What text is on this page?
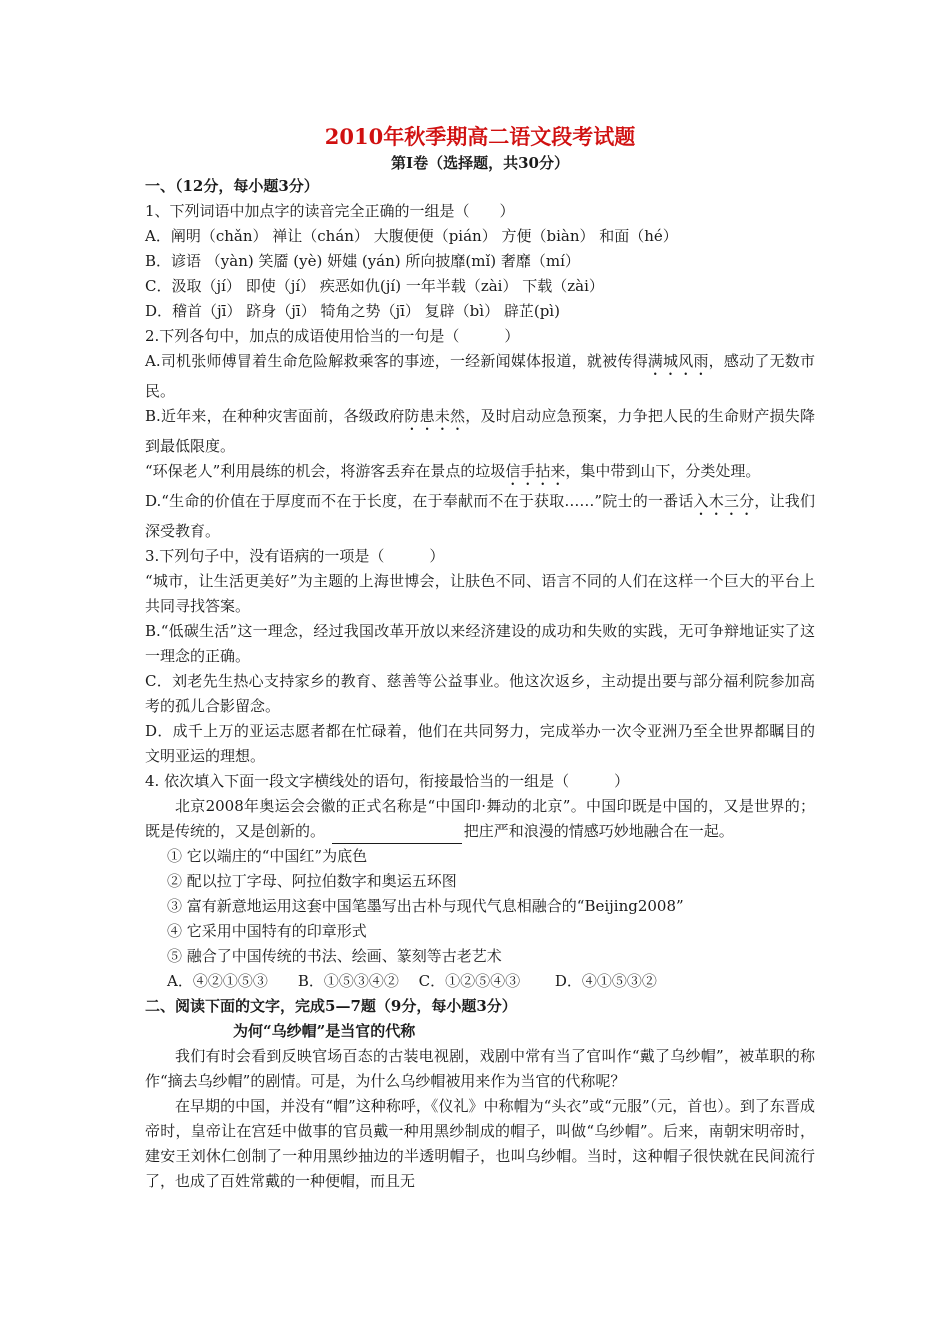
2010年秋季期高二语文段考试题
第Ⅰ卷（选择题，共30分）
一、（12分，每小题3分）
1、下列词语中加点字的读音完全正确的一组是（　　）
A．阐明（chǎn） 禅让（chán） 大腹便便（pián） 方便（biàn） 和面（hé）
B．谚语 （yàn) 笑靥 (yè) 妍媸 (yán) 所向披靡(mǐ) 奢靡（mí）
C．汲取（jí） 即使（jí） 疾恶如仇(jí) 一年半载（zài） 下载（zài）
D．稽首（jī） 跻身（jī） 犄角之势（jī） 复辟（bì） 辟芷(pì)
2.下列各句中，加点的成语使用恰当的一句是（　　　）
A.司机张师傅冒着生命危险解救乘客的事迹，一经新闻媒体报道，就被传得满城风雨，感动了无数市民。
B.近年来，在种种灾害面前，各级政府防患未然，及时启动应急预案，力争把人民的生命财产损失降到最低限度。
“环保老人”利用晨练的机会，将游客丢弃在景点的垃圾信手拈来，集中带到山下，分类处理。
D.“生命的价值在于厚度而不在于长度，在于奉献而不在于获取……”院士的一番话入木三分，让我们深受教育。
3.下列句子中，没有语病的一项是（　　　）
“城市，让生活更美好”为主题的上海世博会，让肤色不同、语言不同的人们在这样一个巨大的平台上共同寻找答案。
B.“低碳生活”这一理念，经过我国改革开放以来经济建设的成功和失败的实践，无可争辩地证实了这一理念的正确。
C．刘老先生热心支持家乡的教育、慈善等公益事业。他这次返乡，主动提出要与部分福利院参加高考的孤儿合影留念。
D．成千上万的亚运志愿者都在忙碌着，他们在共同努力，完成举办一次令亚洲乃至全世界都瞩目的文明亚运的理想。
4. 依次填入下面一段文字横线处的语句，衔接最恰当的一组是（　　　）
北京2008年奥运会会徽的正式名称是“中国印·舞动的北京”。中国印既是中国的，又是世界的；既是传统的，又是创新的。	把庄严和浪漫的情感巧妙地融合在一起。
① 它以端庄的“中国红”为底色
② 配以拉丁字母、阿拉伯数字和奥运五环图
③ 富有新意地运用这套中国笔墨写出古朴与现代气息相融合的“Beijing2008”
④ 它采用中国特有的印章形式
⑤ 融合了中国传统的书法、绘画、篆刻等古老艺术
A．④②①⑤③　　B．①⑤③④②　 C．①②⑤④③　　 D．④①⑤③②
二、阅读下面的文字，完成5—7题（9分，每小题3分）
为何“乌纱帽”是当官的代称
我们有时会看到反映官场百态的古装电视剧，戏剧中常有当了官叫作“戴了乌纱帽”，被革职的称作“摘去乌纱帽”的剧情。可是，为什么乌纱帽被用来作为当官的代称呢？
在早期的中国，并没有“帽”这种称呼，《仪礼》中称帽为“头衣”或“元服”（元，首也）。到了东晋成帝时，皇帝让在宫廷中做事的官员戴一种用黑纱制成的帽子，叫做“乌纱帽”。后来，南朝宋明帝时，建安王刘休仁创制了一种用黑纱抽边的半透明帽子，也叫乌纱帽。当时，这种帽子很快就在民间流行了，也成了百姓常戴的一种便帽，而且无
